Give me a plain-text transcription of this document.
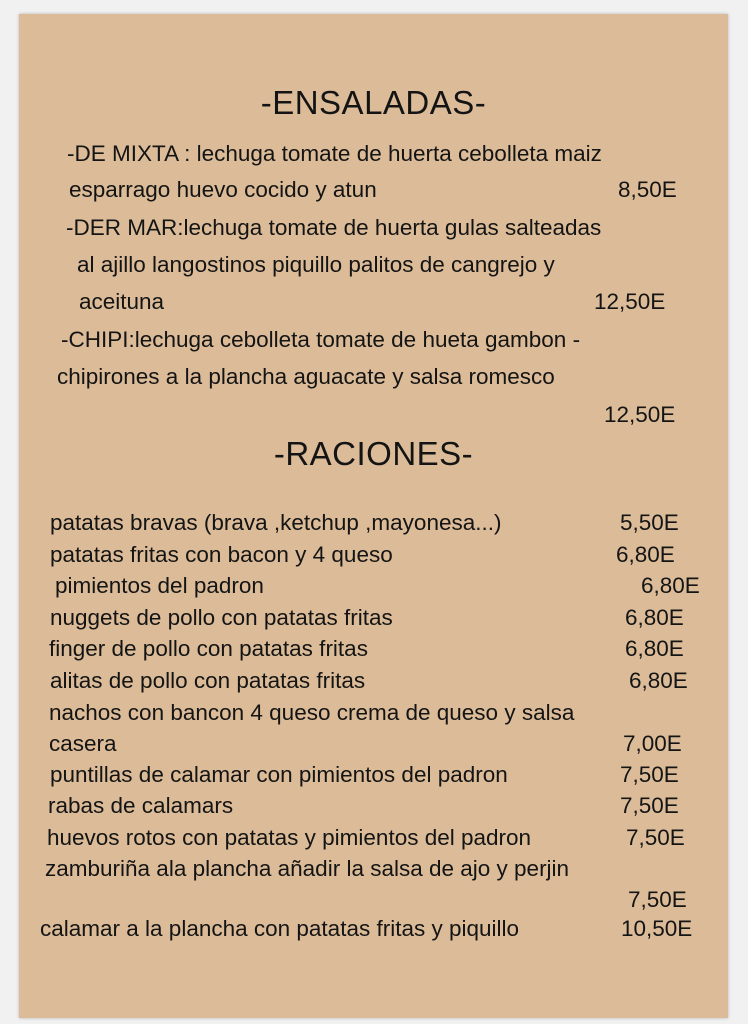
-ENSALADAS-
-DE MIXTA : lechuga tomate de huerta cebolleta maiz
esparrago huevo cocido y atun	8,50E
-DER MAR:lechuga tomate de huerta gulas salteadas
al ajillo langostinos piquillo palitos de cangrejo y
aceituna	12,50E
-CHIPI:lechuga cebolleta tomate de hueta gambon -
chipirones a la plancha aguacate y salsa romesco
12,50E
-RACIONES-
patatas bravas (brava ,ketchup ,mayonesa...)	5,50E
patatas fritas con bacon y 4 queso	6,80E
pimientos del padron	6,80E
nuggets de pollo con patatas fritas	6,80E
finger de pollo con patatas fritas	6,80E
alitas de pollo con patatas fritas	6,80E
nachos con bancon 4 queso crema de queso y salsa
casera	7,00E
puntillas de calamar con pimientos del padron	7,50E
rabas de calamars	7,50E
huevos rotos con patatas y pimientos del padron	7,50E
zamburiña ala plancha añadir la salsa de ajo y perjin
7,50E
calamar a la plancha con patatas fritas y piquillo	10,50E
